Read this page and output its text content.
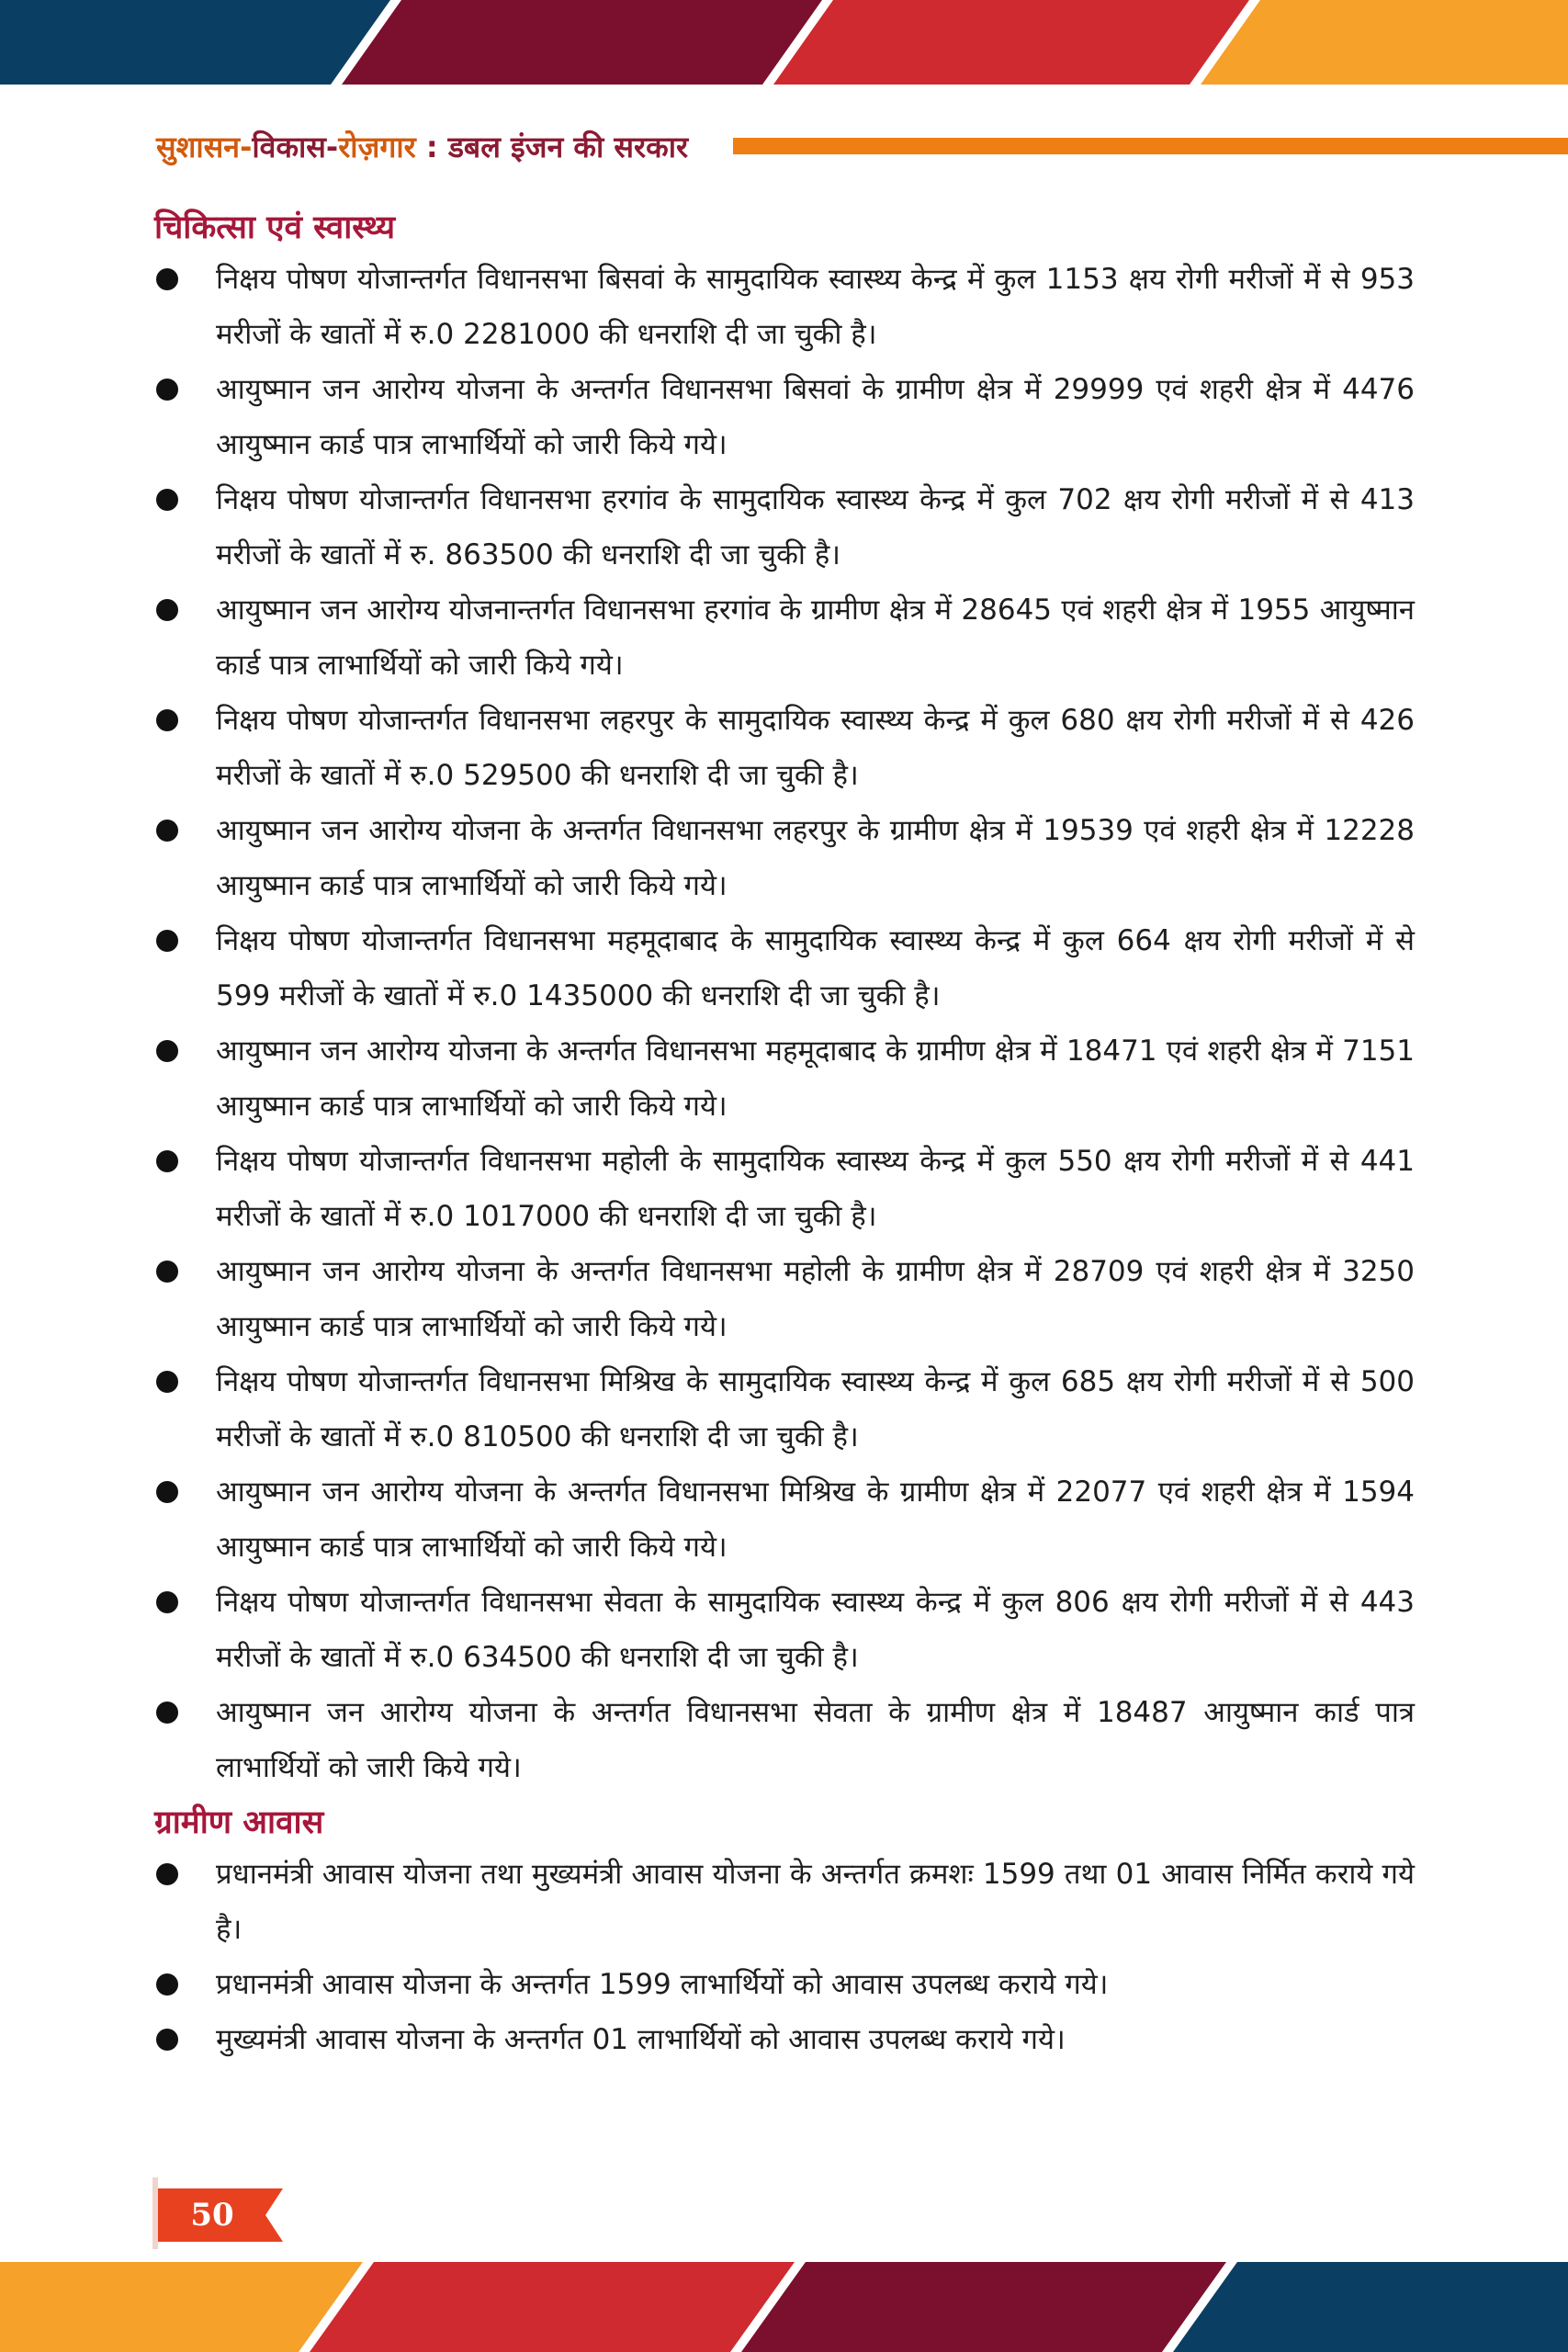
सुशासन-विकास-रोज़गार : डबल इंजन की सरकार
चिकित्सा एवं स्वास्थ्य
निक्षय पोषण योजान्तर्गत विधानसभा बिसवां के सामुदायिक स्वास्थ्य केन्द्र में कुल 1153 क्षय रोगी मरीजों में से 953 मरीजों के खातों में रु.0 2281000 की धनराशि दी जा चुकी है।
आयुष्मान जन आरोग्य योजना के अन्तर्गत विधानसभा बिसवां के ग्रामीण क्षेत्र में 29999 एवं शहरी क्षेत्र में 4476 आयुष्मान कार्ड पात्र लाभार्थियों को जारी किये गये।
निक्षय पोषण योजान्तर्गत विधानसभा हरगांव के सामुदायिक स्वास्थ्य केन्द्र में कुल 702 क्षय रोगी मरीजों में से 413 मरीजों के खातों में रु. 863500 की धनराशि दी जा चुकी है।
आयुष्मान जन आरोग्य योजनान्तर्गत विधानसभा हरगांव के ग्रामीण क्षेत्र में 28645 एवं शहरी क्षेत्र में 1955 आयुष्मान कार्ड पात्र लाभार्थियों को जारी किये गये।
निक्षय पोषण योजान्तर्गत विधानसभा लहरपुर के सामुदायिक स्वास्थ्य केन्द्र में कुल 680 क्षय रोगी मरीजों में से 426 मरीजों के खातों में रु.0 529500 की धनराशि दी जा चुकी है।
आयुष्मान जन आरोग्य योजना के अन्तर्गत विधानसभा लहरपुर के ग्रामीण क्षेत्र में 19539 एवं शहरी क्षेत्र में 12228 आयुष्मान कार्ड पात्र लाभार्थियों को जारी किये गये।
निक्षय पोषण योजान्तर्गत विधानसभा महमूदाबाद के सामुदायिक स्वास्थ्य केन्द्र में कुल 664 क्षय रोगी मरीजों में से 599 मरीजों के खातों में रु.0 1435000 की धनराशि दी जा चुकी है।
आयुष्मान जन आरोग्य योजना के अन्तर्गत विधानसभा महमूदाबाद के ग्रामीण क्षेत्र में 18471 एवं शहरी क्षेत्र में 7151 आयुष्मान कार्ड पात्र लाभार्थियों को जारी किये गये।
निक्षय पोषण योजान्तर्गत विधानसभा महोली के सामुदायिक स्वास्थ्य केन्द्र में कुल 550 क्षय रोगी मरीजों में से 441 मरीजों के खातों में रु.0 1017000 की धनराशि दी जा चुकी है।
आयुष्मान जन आरोग्य योजना के अन्तर्गत विधानसभा महोली के ग्रामीण क्षेत्र में 28709 एवं शहरी क्षेत्र में 3250 आयुष्मान कार्ड पात्र लाभार्थियों को जारी किये गये।
निक्षय पोषण योजान्तर्गत विधानसभा मिश्रिख के सामुदायिक स्वास्थ्य केन्द्र में कुल 685 क्षय रोगी मरीजों में से 500 मरीजों के खातों में रु.0 810500 की धनराशि दी जा चुकी है।
आयुष्मान जन आरोग्य योजना के अन्तर्गत विधानसभा मिश्रिख के ग्रामीण क्षेत्र में 22077 एवं शहरी क्षेत्र में 1594 आयुष्मान कार्ड पात्र लाभार्थियों को जारी किये गये।
निक्षय पोषण योजान्तर्गत विधानसभा सेवता के सामुदायिक स्वास्थ्य केन्द्र में कुल 806 क्षय रोगी मरीजों में से 443 मरीजों के खातों में रु.0 634500 की धनराशि दी जा चुकी है।
आयुष्मान जन आरोग्य योजना के अन्तर्गत विधानसभा सेवता के ग्रामीण क्षेत्र में 18487 आयुष्मान कार्ड पात्र लाभार्थियों को जारी किये गये।
ग्रामीण आवास
प्रधानमंत्री आवास योजना तथा मुख्यमंत्री आवास योजना के अन्तर्गत क्रमशः 1599 तथा 01 आवास निर्मित कराये गये है।
प्रधानमंत्री आवास योजना के अन्तर्गत 1599 लाभार्थियों को आवास उपलब्ध कराये गये।
मुख्यमंत्री आवास योजना के अन्तर्गत 01 लाभार्थियों को आवास उपलब्ध कराये गये।
50
